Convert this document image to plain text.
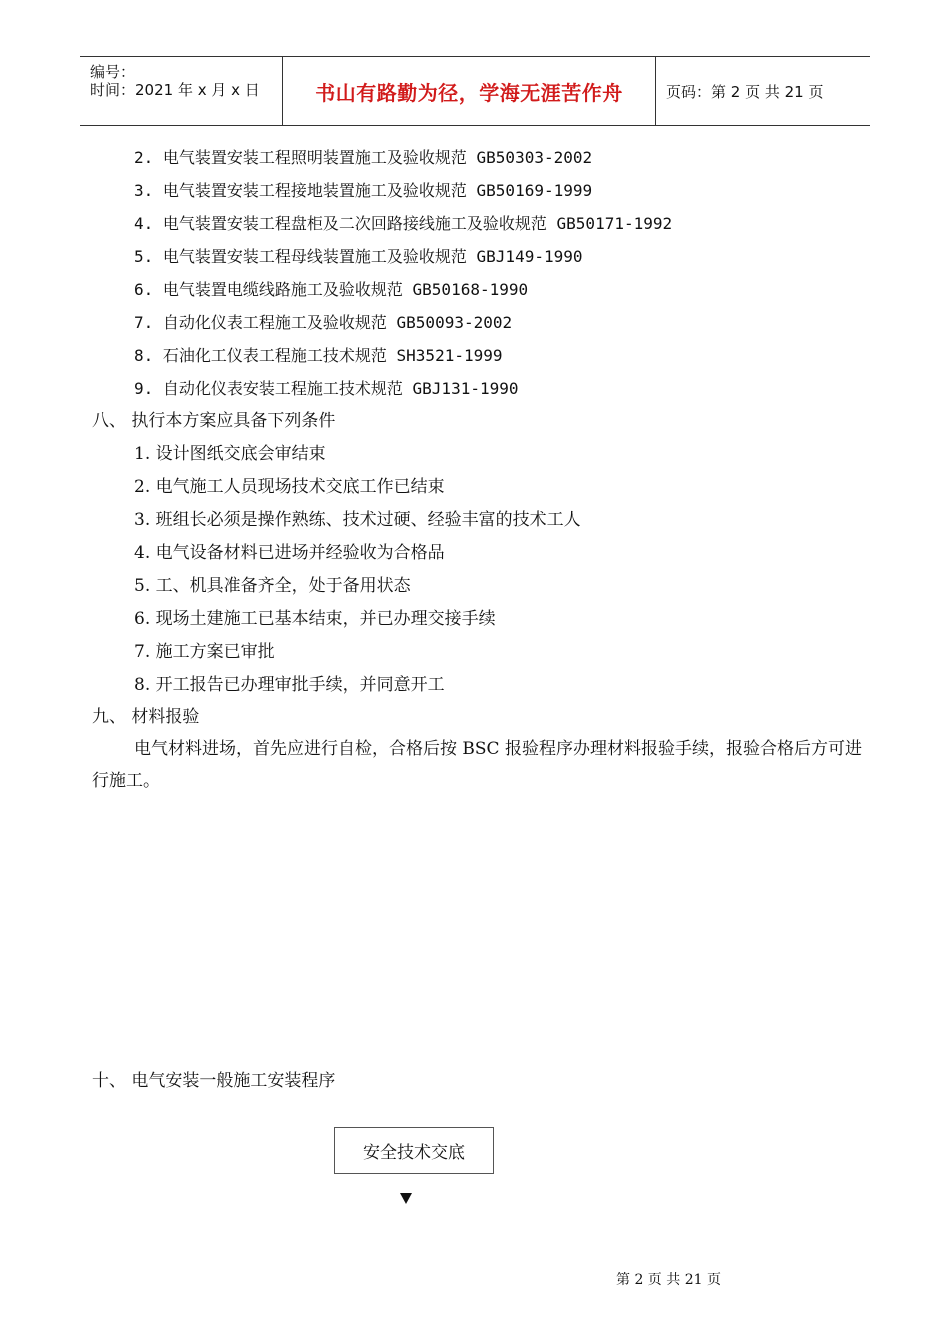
编号：
时间：2021 年 x 月 x 日	书山有路勤为径，学海无涯苦作舟	页码：第 2 页 共 21 页
2. 电气装置安装工程照明装置施工及验收规范 GB50303-2002
3. 电气装置安装工程接地装置施工及验收规范 GB50169-1999
4. 电气装置安装工程盘柜及二次回路接线施工及验收规范 GB50171-1992
5. 电气装置安装工程母线装置施工及验收规范 GBJ149-1990
6. 电气装置电缆线路施工及验收规范 GB50168-1990
7. 自动化仪表工程施工及验收规范 GB50093-2002
8. 石油化工仪表工程施工技术规范 SH3521-1999
9. 自动化仪表安装工程施工技术规范 GBJ131-1990
八、 执行本方案应具备下列条件
1. 设计图纸交底会审结束
2. 电气施工人员现场技术交底工作已结束
3. 班组长必须是操作熟练、技术过硬、经验丰富的技术工人
4. 电气设备材料已进场并经验收为合格品
5. 工、机具准备齐全，处于备用状态
6. 现场土建施工已基本结束，并已办理交接手续
7. 施工方案已审批
8. 开工报告已办理审批手续，并同意开工
九、 材料报验
电气材料进场，首先应进行自检，合格后按 BSC 报验程序办理材料报验手续，报验合格后方可进行施工。
十、 电气安装一般施工安装程序
安全技术交底
第 2 页 共 21 页
